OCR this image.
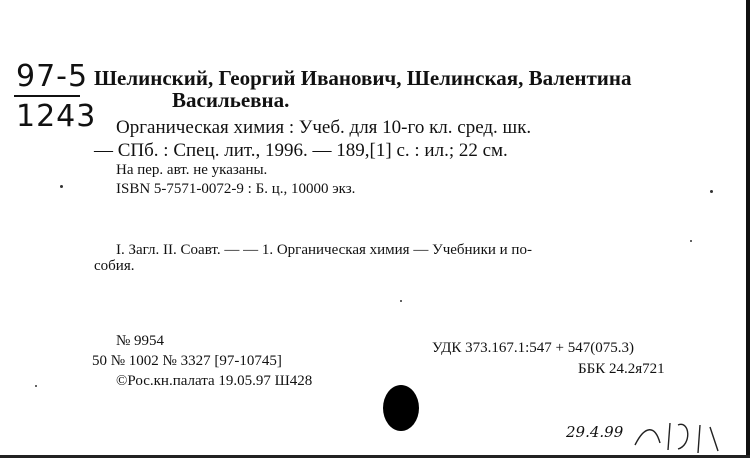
97-5
1243
Шелинский, Георгий Иванович, Шелинская, Валентина
Васильевна.
Органическая химия : Учеб. для 10-го кл. сред. шк.
— СПб. : Спец. лит., 1996. — 189,[1] с. : ил.; 22 см.
На пер. авт. не указаны.
ISBN 5-7571-0072-9 : Б. ц., 10000 экз.
I. Загл. II. Соавт. — — 1. Органическая химия — Учебники и по-
собия.
№ 9954
50 № 1002 № 3327 [97-10745]
©Рос.кн.палата 19.05.97 Ш428
УДК 373.167.1:547 + 547(075.3)
ББК 24.2я721
29.4.99
